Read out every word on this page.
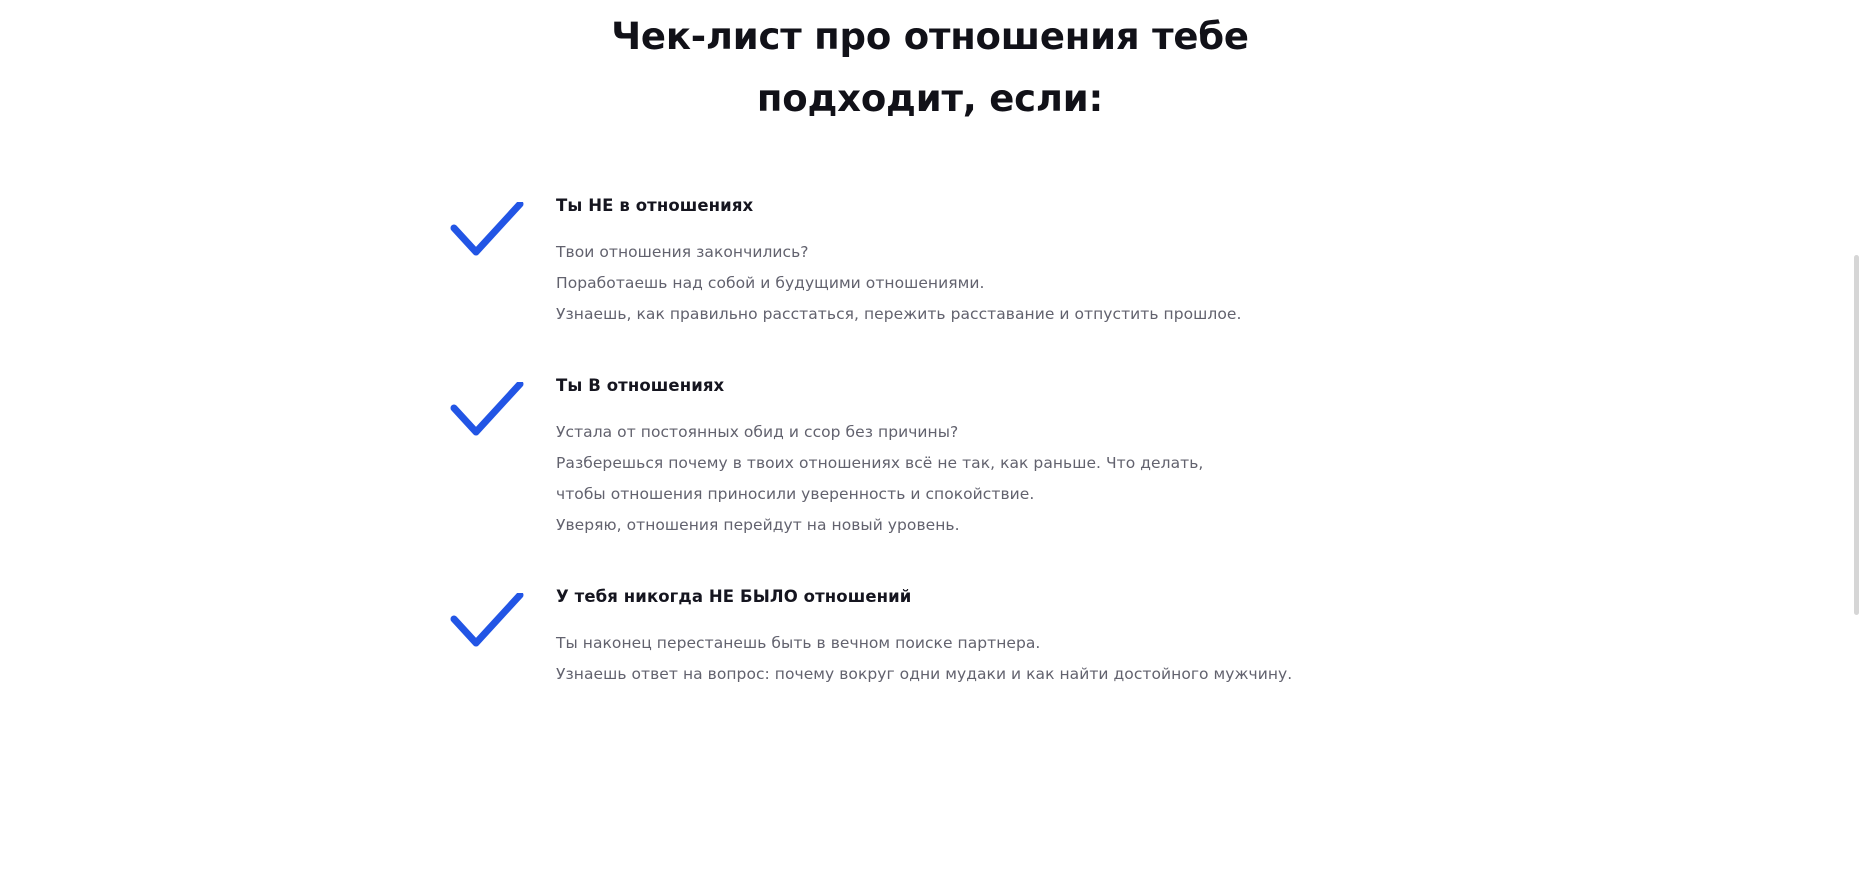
Чек-лист про отношения тебе
подходит, если:
Ты НЕ в отношениях
Твои отношения закончились?
Поработаешь над собой и будущими отношениями.
Узнаешь, как правильно расстаться, пережить расставание и отпустить прошлое.
Ты В отношениях
Устала от постоянных обид и ссор без причины?
Разберешься почему в твоих отношениях всё не так, как раньше. Что делать,
чтобы отношения приносили уверенность и спокойствие.
Уверяю, отношения перейдут на новый уровень.
У тебя никогда НЕ БЫЛО отношений
Ты наконец перестанешь быть в вечном поиске партнера.
Узнаешь ответ на вопрос: почему вокруг одни мудаки и как найти достойного мужчину.
